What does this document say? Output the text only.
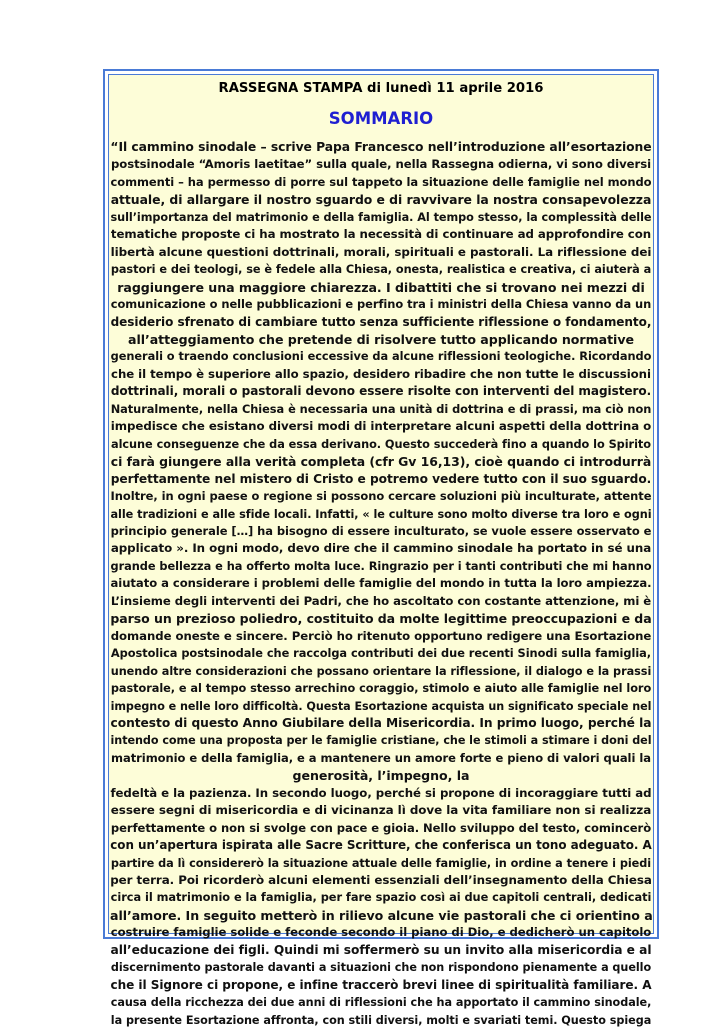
RASSEGNA STAMPA di lunedì 11 aprile 2016
SOMMARIO
“Il cammino sinodale – scrive Papa Francesco nell’introduzione all’esortazione
postsinodale “Amoris laetitae” sulla quale, nella Rassegna odierna, vi sono diversi
commenti – ha permesso di porre sul tappeto la situazione delle famiglie nel mondo
attuale, di allargare il nostro sguardo e di ravvivare la nostra consapevolezza
sull’importanza del matrimonio e della famiglia. Al tempo stesso, la complessità delle
tematiche proposte ci ha mostrato la necessità di continuare ad approfondire con
libertà alcune questioni dottrinali, morali, spirituali e pastorali. La riflessione dei
pastori e dei teologi, se è fedele alla Chiesa, onesta, realistica e creativa, ci aiuterà a
raggiungere una maggiore chiarezza. I dibattiti che si trovano nei mezzi di
comunicazione o nelle pubblicazioni e perfino tra i ministri della Chiesa vanno da un
desiderio sfrenato di cambiare tutto senza sufficiente riflessione o fondamento,
all’atteggiamento che pretende di risolvere tutto applicando normative
generali o traendo conclusioni eccessive da alcune riflessioni teologiche. Ricordando
che il tempo è superiore allo spazio, desidero ribadire che non tutte le discussioni
dottrinali, morali o pastorali devono essere risolte con interventi del magistero.
Naturalmente, nella Chiesa è necessaria una unità di dottrina e di prassi, ma ciò non
impedisce che esistano diversi modi di interpretare alcuni aspetti della dottrina o
alcune conseguenze che da essa derivano. Questo succederà fino a quando lo Spirito
ci farà giungere alla verità completa (cfr Gv 16,13), cioè quando ci introdurrà
perfettamente nel mistero di Cristo e potremo vedere tutto con il suo sguardo.
Inoltre, in ogni paese o regione si possono cercare soluzioni più inculturate, attente
alle tradizioni e alle sfide locali. Infatti, « le culture sono molto diverse tra loro e ogni
principio generale […] ha bisogno di essere inculturato, se vuole essere osservato e
applicato ». In ogni modo, devo dire che il cammino sinodale ha portato in sé una
grande bellezza e ha offerto molta luce. Ringrazio per i tanti contributi che mi hanno
aiutato a considerare i problemi delle famiglie del mondo in tutta la loro ampiezza.
L’insieme degli interventi dei Padri, che ho ascoltato con costante attenzione, mi è
parso un prezioso poliedro, costituito da molte legittime preoccupazioni e da
domande oneste e sincere. Perciò ho ritenuto opportuno redigere una Esortazione
Apostolica postsinodale che raccolga contributi dei due recenti Sinodi sulla famiglia,
unendo altre considerazioni che possano orientare la riflessione, il dialogo e la prassi
pastorale, e al tempo stesso arrechino coraggio, stimolo e aiuto alle famiglie nel loro
impegno e nelle loro difficoltà. Questa Esortazione acquista un significato speciale nel
contesto di questo Anno Giubilare della Misericordia. In primo luogo, perché la
intendo come una proposta per le famiglie cristiane, che le stimoli a stimare i doni del
matrimonio e della famiglia, e a mantenere un amore forte e pieno di valori quali la
generosità, l’impegno, la
fedeltà e la pazienza. In secondo luogo, perché si propone di incoraggiare tutti ad
essere segni di misericordia e di vicinanza lì dove la vita familiare non si realizza
perfettamente o non si svolge con pace e gioia. Nello sviluppo del testo, comincerò
con un’apertura ispirata alle Sacre Scritture, che conferisca un tono adeguato. A
partire da lì considererò la situazione attuale delle famiglie, in ordine a tenere i piedi
per terra. Poi ricorderò alcuni elementi essenziali dell’insegnamento della Chiesa
circa il matrimonio e la famiglia, per fare spazio così ai due capitoli centrali, dedicati
all’amore. In seguito metterò in rilievo alcune vie pastorali che ci orientino a
costruire famiglie solide e feconde secondo il piano di Dio, e dedicherò un capitolo
all’educazione dei figli. Quindi mi soffermerò su un invito alla misericordia e al
discernimento pastorale davanti a situazioni che non rispondono pienamente a quello
che il Signore ci propone, e infine traccerò brevi linee di spiritualità familiare. A
causa della ricchezza dei due anni di riflessioni che ha apportato il cammino sinodale,
la presente Esortazione affronta, con stili diversi, molti e svariati temi. Questo spiega
